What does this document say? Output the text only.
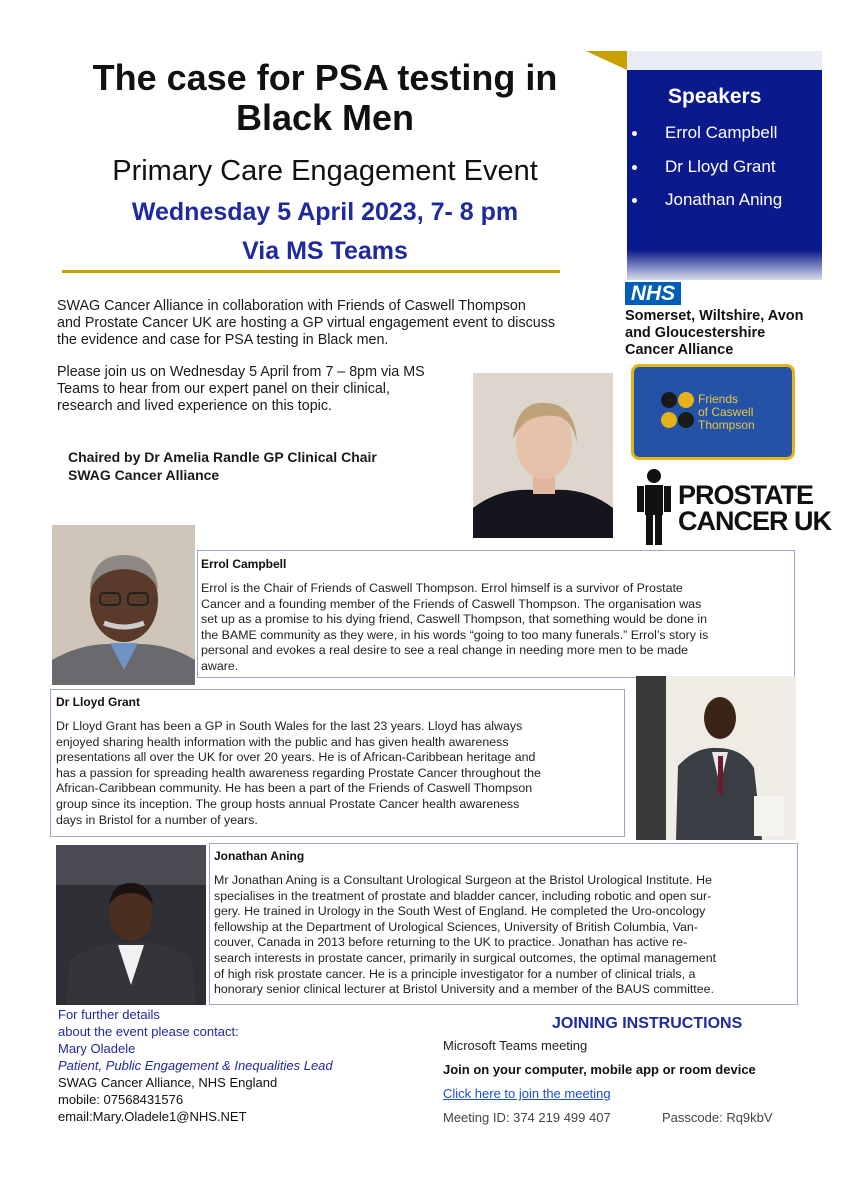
The case for PSA testing in
Black Men
Primary Care Engagement Event
Wednesday 5 April 2023, 7- 8 pm
Via MS Teams
Speakers
Errol Campbell
Dr Lloyd Grant
Jonathan Aning
NHS
Somerset, Wiltshire, Avon
and Gloucestershire
Cancer Alliance
Friends
of Caswell
Thompson
PROSTATE
CANCER UK
SWAG Cancer Alliance in collaboration with Friends of Caswell Thompson
and Prostate Cancer UK are hosting a GP virtual engagement event to discuss
the evidence and case for PSA testing in Black men.
Please join us on Wednesday 5 April from 7 – 8pm via MS
Teams to hear from our expert panel on their clinical,
research and lived experience on this topic.
Chaired by Dr Amelia Randle GP Clinical Chair
SWAG Cancer Alliance
Errol Campbell
Errol is the Chair of Friends of Caswell Thompson. Errol himself is a survivor of Prostate
Cancer and a founding member of the Friends of Caswell Thompson. The organisation was
set up as a promise to his dying friend, Caswell Thompson, that something would be done in
the BAME community as they were, in his words “going to too many funerals.” Errol’s story is
personal and evokes a real desire to see a real change in needing more men to be made
aware.
Dr Lloyd Grant
Dr Lloyd Grant has been a GP in South Wales for the last 23 years. Lloyd has always
enjoyed sharing health information with the public and has given health awareness
presentations all over the UK for over 20 years. He is of African-Caribbean heritage and
has a passion for spreading health awareness regarding Prostate Cancer throughout the
African-Caribbean community. He has been a part of the Friends of Caswell Thompson
group since its inception. The group hosts annual Prostate Cancer health awareness
days in Bristol for a number of years.
Jonathan Aning
Mr Jonathan Aning is a Consultant Urological Surgeon at the Bristol Urological Institute. He
specialises in the treatment of prostate and bladder cancer, including robotic and open sur-
gery. He trained in Urology in the South West of England. He completed the Uro-oncology
fellowship at the Department of Urological Sciences, University of British Columbia, Van-
couver, Canada in 2013 before returning to the UK to practice. Jonathan has active re-
search interests in prostate cancer, primarily in surgical outcomes, the optimal management
of high risk prostate cancer. He is a principle investigator for a number of clinical trials, a
honorary senior clinical lecturer at Bristol University and a member of the BAUS committee.
For further details
about the event please contact:
Mary Oladele
Patient, Public Engagement & Inequalities Lead
SWAG Cancer Alliance, NHS England
mobile: 07568431576
email:Mary.Oladele1@NHS.NET
JOINING INSTRUCTIONS
Microsoft Teams meeting
Join on your computer, mobile app or room device
Click here to join the meeting
Meeting ID: 374 219 499 407	Passcode: Rq9kbV
